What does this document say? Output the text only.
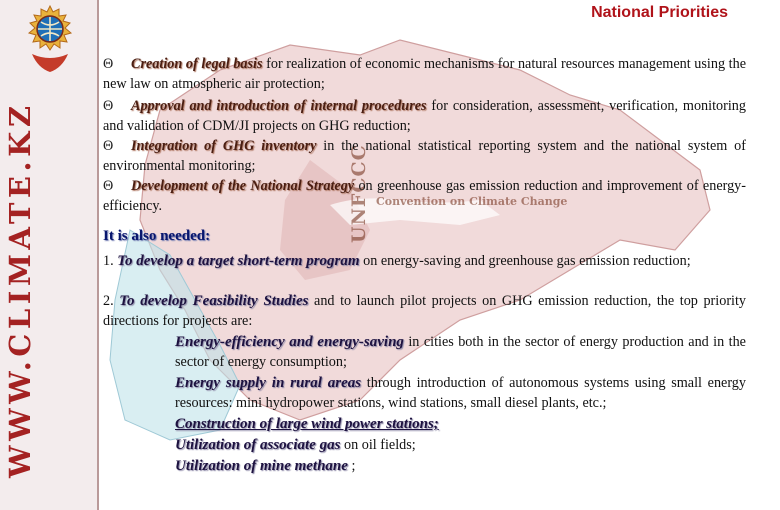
WWW.CLIMATE.KZ	UNFCCC Convention on Climate Change
National Priorities
Θ Creation of legal basis for realization of economic mechanisms for natural resources management using the new law on atmospheric air protection;
Θ Approval and introduction of internal procedures for consideration, assessment, verification, monitoring and validation of CDM/JI projects on GHG reduction;
Θ Integration of GHG inventory in the national statistical reporting system and the national system of environmental monitoring;
Θ Development of the National Strategy on greenhouse gas emission reduction and improvement of energy-efficiency.
It is also needed:
1. To develop a target short-term program on energy-saving and greenhouse gas emission reduction;
2. To develop Feasibility Studies and to launch pilot projects on GHG emission reduction, the top priority directions for projects are:
Energy-efficiency and energy-saving in cities both in the sector of energy production and in the sector of energy consumption;
Energy supply in rural areas through introduction of autonomous systems using small energy resources: mini hydropower stations, wind stations, small diesel plants, etc.;
Construction of large wind power stations;
Utilization of associate gas on oil fields;
Utilization of mine methane ;
